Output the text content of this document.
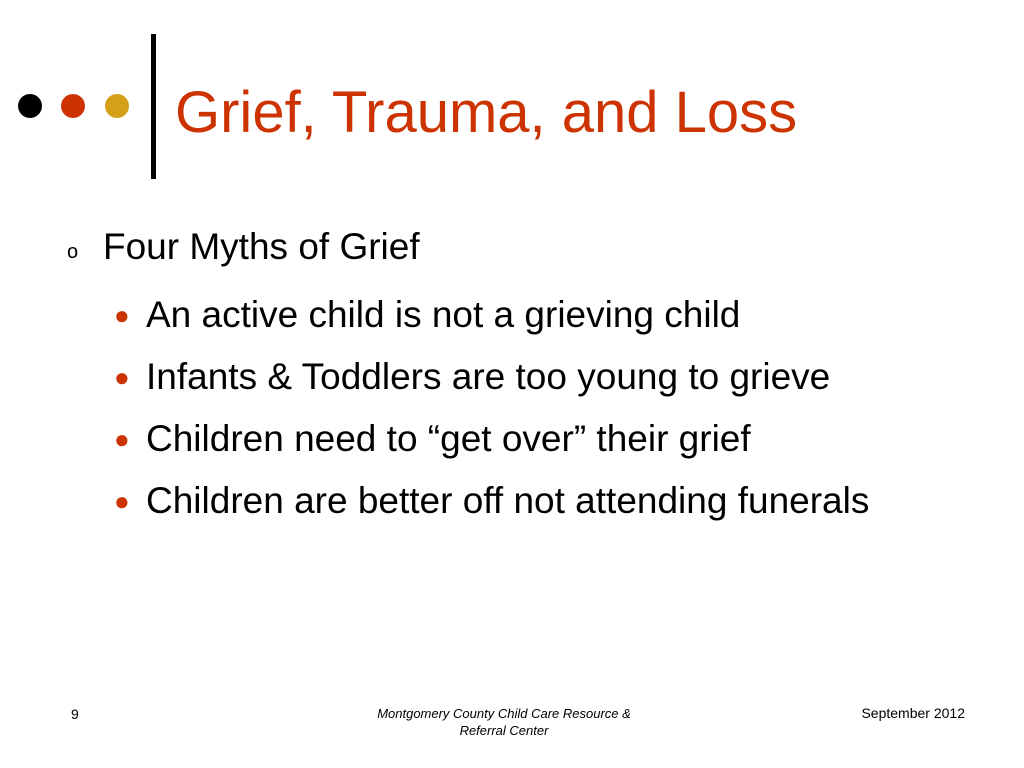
Grief, Trauma, and Loss
o Four Myths of Grief
● An active child is not a grieving child
● Infants & Toddlers are too young to grieve
● Children need to “get over” their grief
● Children are better off not attending funerals
9	Montgomery County Child Care Resource & Referral Center
September 2012
